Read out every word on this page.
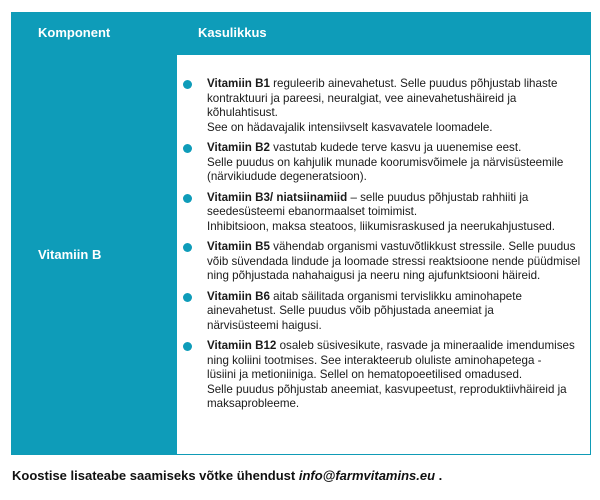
Komponent	Kasulikkus
Vitamiin B
Vitamiin B1 reguleerib ainevahetust. Selle puudus põhjustab lihaste
kontraktuuri ja pareesi, neuralgiat, vee ainevahetushäireid ja
kõhulahtisust.
See on hädavajalik intensiivselt kasvavatele loomadele.
Vitamiin B2 vastutab kudede terve kasvu ja uuenemise eest.
Selle puudus on kahjulik munade koorumisvõimele ja närvisüsteemile
(närvikiudude degeneratsioon).
Vitamiin B3/ niatsiinamiid – selle puudus põhjustab rahhiiti ja
seedesüsteemi ebanormaalset toimimist.
Inhibitsioon, maksa steatoos, liikumisraskused ja neerukahjustused.
Vitamiin B5 vähendab organismi vastuvõtlikkust stressile. Selle puudus
võib süvendada lindude ja loomade stressi reaktsioone nende püüdmisel
ning põhjustada nahahaigusi ja neeru ning ajufunktsiooni häireid.
Vitamiin B6 aitab säilitada organismi tervislikku aminohapete
ainevahetust. Selle puudus võib põhjustada aneemiat ja
närvisüsteemi haigusi.
Vitamiin B12 osaleb süsivesikute, rasvade ja mineraalide imendumises
ning koliini tootmises. See interakteerub oluliste aminohapetega -
lüsiini ja metioniiniga. Sellel on hematopoeetilised omadused.
Selle puudus põhjustab aneemiat, kasvupeetust, reproduktiivhäireid ja
maksaprobleeme.
Koostise lisateabe saamiseks võtke ühendust info@farmvitamins.eu .
